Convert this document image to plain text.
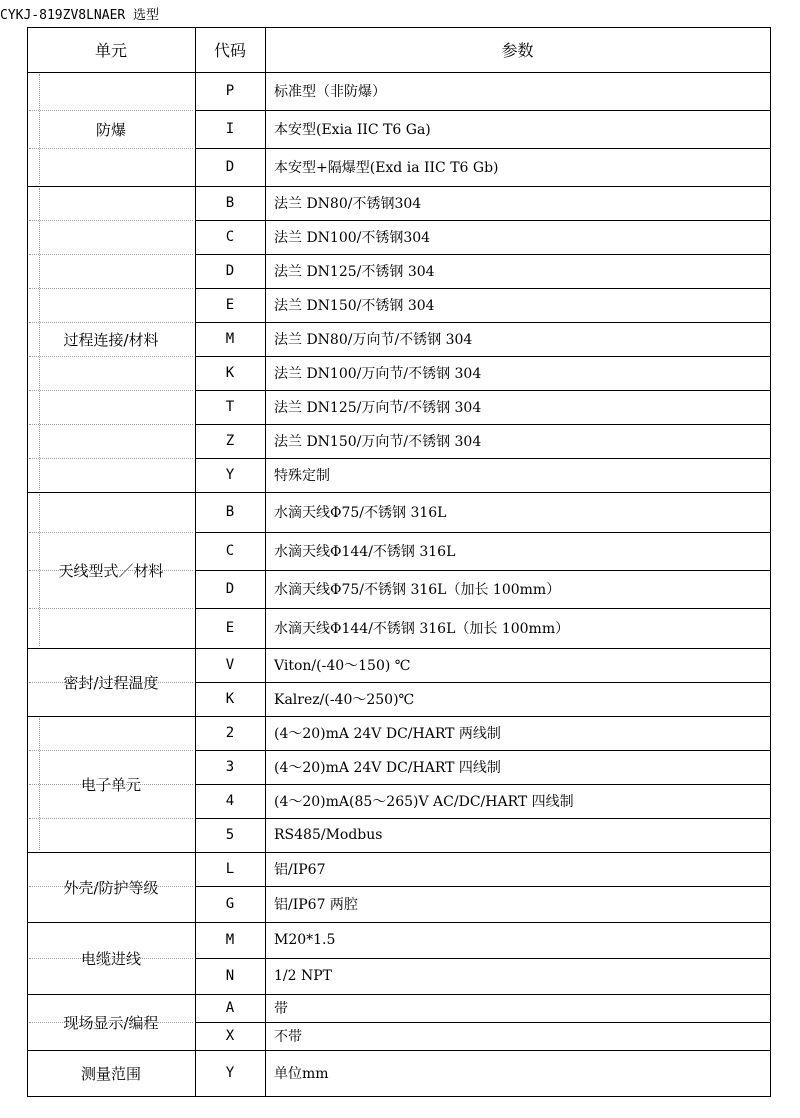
CYKJ-819ZV8LNAER 选型
单元	代码	参数
防爆
P	标准型（非防爆）
I	本安型(Exia IIC T6 Ga)
D	本安型+隔爆型(Exd ia IIC T6 Gb)
过程连接/材料
B	法兰 DN80/不锈钢304
C	法兰 DN100/不锈钢304
D	法兰 DN125/不锈钢 304
E	法兰 DN150/不锈钢 304
M	法兰 DN80/万向节/不锈钢 304
K	法兰 DN100/万向节/不锈钢 304
T	法兰 DN125/万向节/不锈钢 304
Z	法兰 DN150/万向节/不锈钢 304
Y	特殊定制
天线型式／材料
B	水滴天线Φ75/不锈钢 316L
C	水滴天线Φ144/不锈钢 316L
D	水滴天线Φ75/不锈钢 316L（加长 100mm）
E	水滴天线Φ144/不锈钢 316L（加长 100mm）
密封/过程温度
V	Viton/(-40～150) ℃
K	Kalrez/(-40～250)℃
电子单元
2	(4～20)mA 24V DC/HART 两线制
3	(4～20)mA 24V DC/HART 四线制
4	(4～20)mA(85～265)V AC/DC/HART 四线制
5	RS485/Modbus
外壳/防护等级
L	铝/IP67
G	铝/IP67 两腔
电缆进线
M	M20*1.5
N	1/2 NPT
现场显示/编程
A	带
X	不带
测量范围	Y	单位mm
